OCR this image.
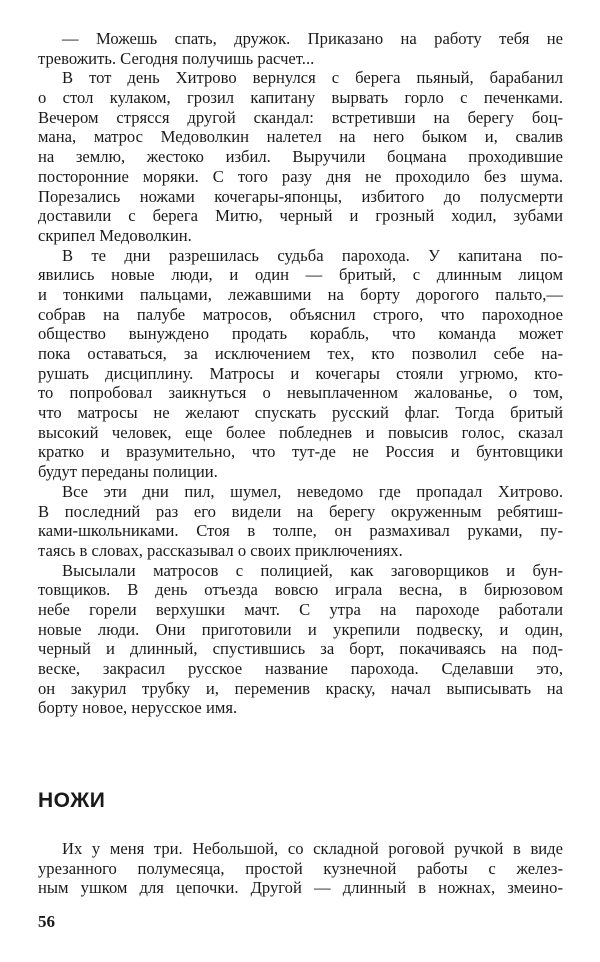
— Можешь спать, дружок. Приказано на работу тебя не
тревожить. Сегодня получишь расчет...
В тот день Хитрово вернулся с берега пьяный, барабанил
о стол кулаком, грозил капитану вырвать горло с печенками.
Вечером стрясся другой скандал: встретивши на берегу боц-
мана, матрос Медоволкин налетел на него быком и, свалив
на землю, жестоко избил. Выручили боцмана проходившие
посторонние моряки. С того разу дня не проходило без шума.
Порезались ножами кочегары-японцы, избитого до полусмерти
доставили с берега Митю, черный и грозный ходил, зубами
скрипел Медоволкин.
В те дни разрешилась судьба парохода. У капитана по-
явились новые люди, и один — бритый, с длинным лицом
и тонкими пальцами, лежавшими на борту дорогого пальто,—
собрав на палубе матросов, объяснил строго, что пароходное
общество вынуждено продать корабль, что команда может
пока оставаться, за исключением тех, кто позволил себе на-
рушать дисциплину. Матросы и кочегары стояли угрюмо, кто-
то попробовал заикнуться о невыплаченном жалованье, о том,
что матросы не желают спускать русский флаг. Тогда бритый
высокий человек, еще более побледнев и повысив голос, сказал
кратко и вразумительно, что тут-де не Россия и бунтовщики
будут переданы полиции.
Все эти дни пил, шумел, неведомо где пропадал Хитрово.
В последний раз его видели на берегу окруженным ребятиш-
ками-школьниками. Стоя в толпе, он размахивал руками, пу-
таясь в словах, рассказывал о своих приключениях.
Высылали матросов с полицией, как заговорщиков и бун-
товщиков. В день отъезда вовсю играла весна, в бирюзовом
небе горели верхушки мачт. С утра на пароходе работали
новые люди. Они приготовили и укрепили подвеску, и один,
черный и длинный, спустившись за борт, покачиваясь на под-
веске, закрасил русское название парохода. Сделавши это,
он закурил трубку и, переменив краску, начал выписывать на
борту новое, нерусское имя.
НОЖИ
Их у меня три. Небольшой, со складной роговой ручкой в виде
урезанного полумесяца, простой кузнечной работы с желез-
ным ушком для цепочки. Другой — длинный в ножнах, змеино-
56
